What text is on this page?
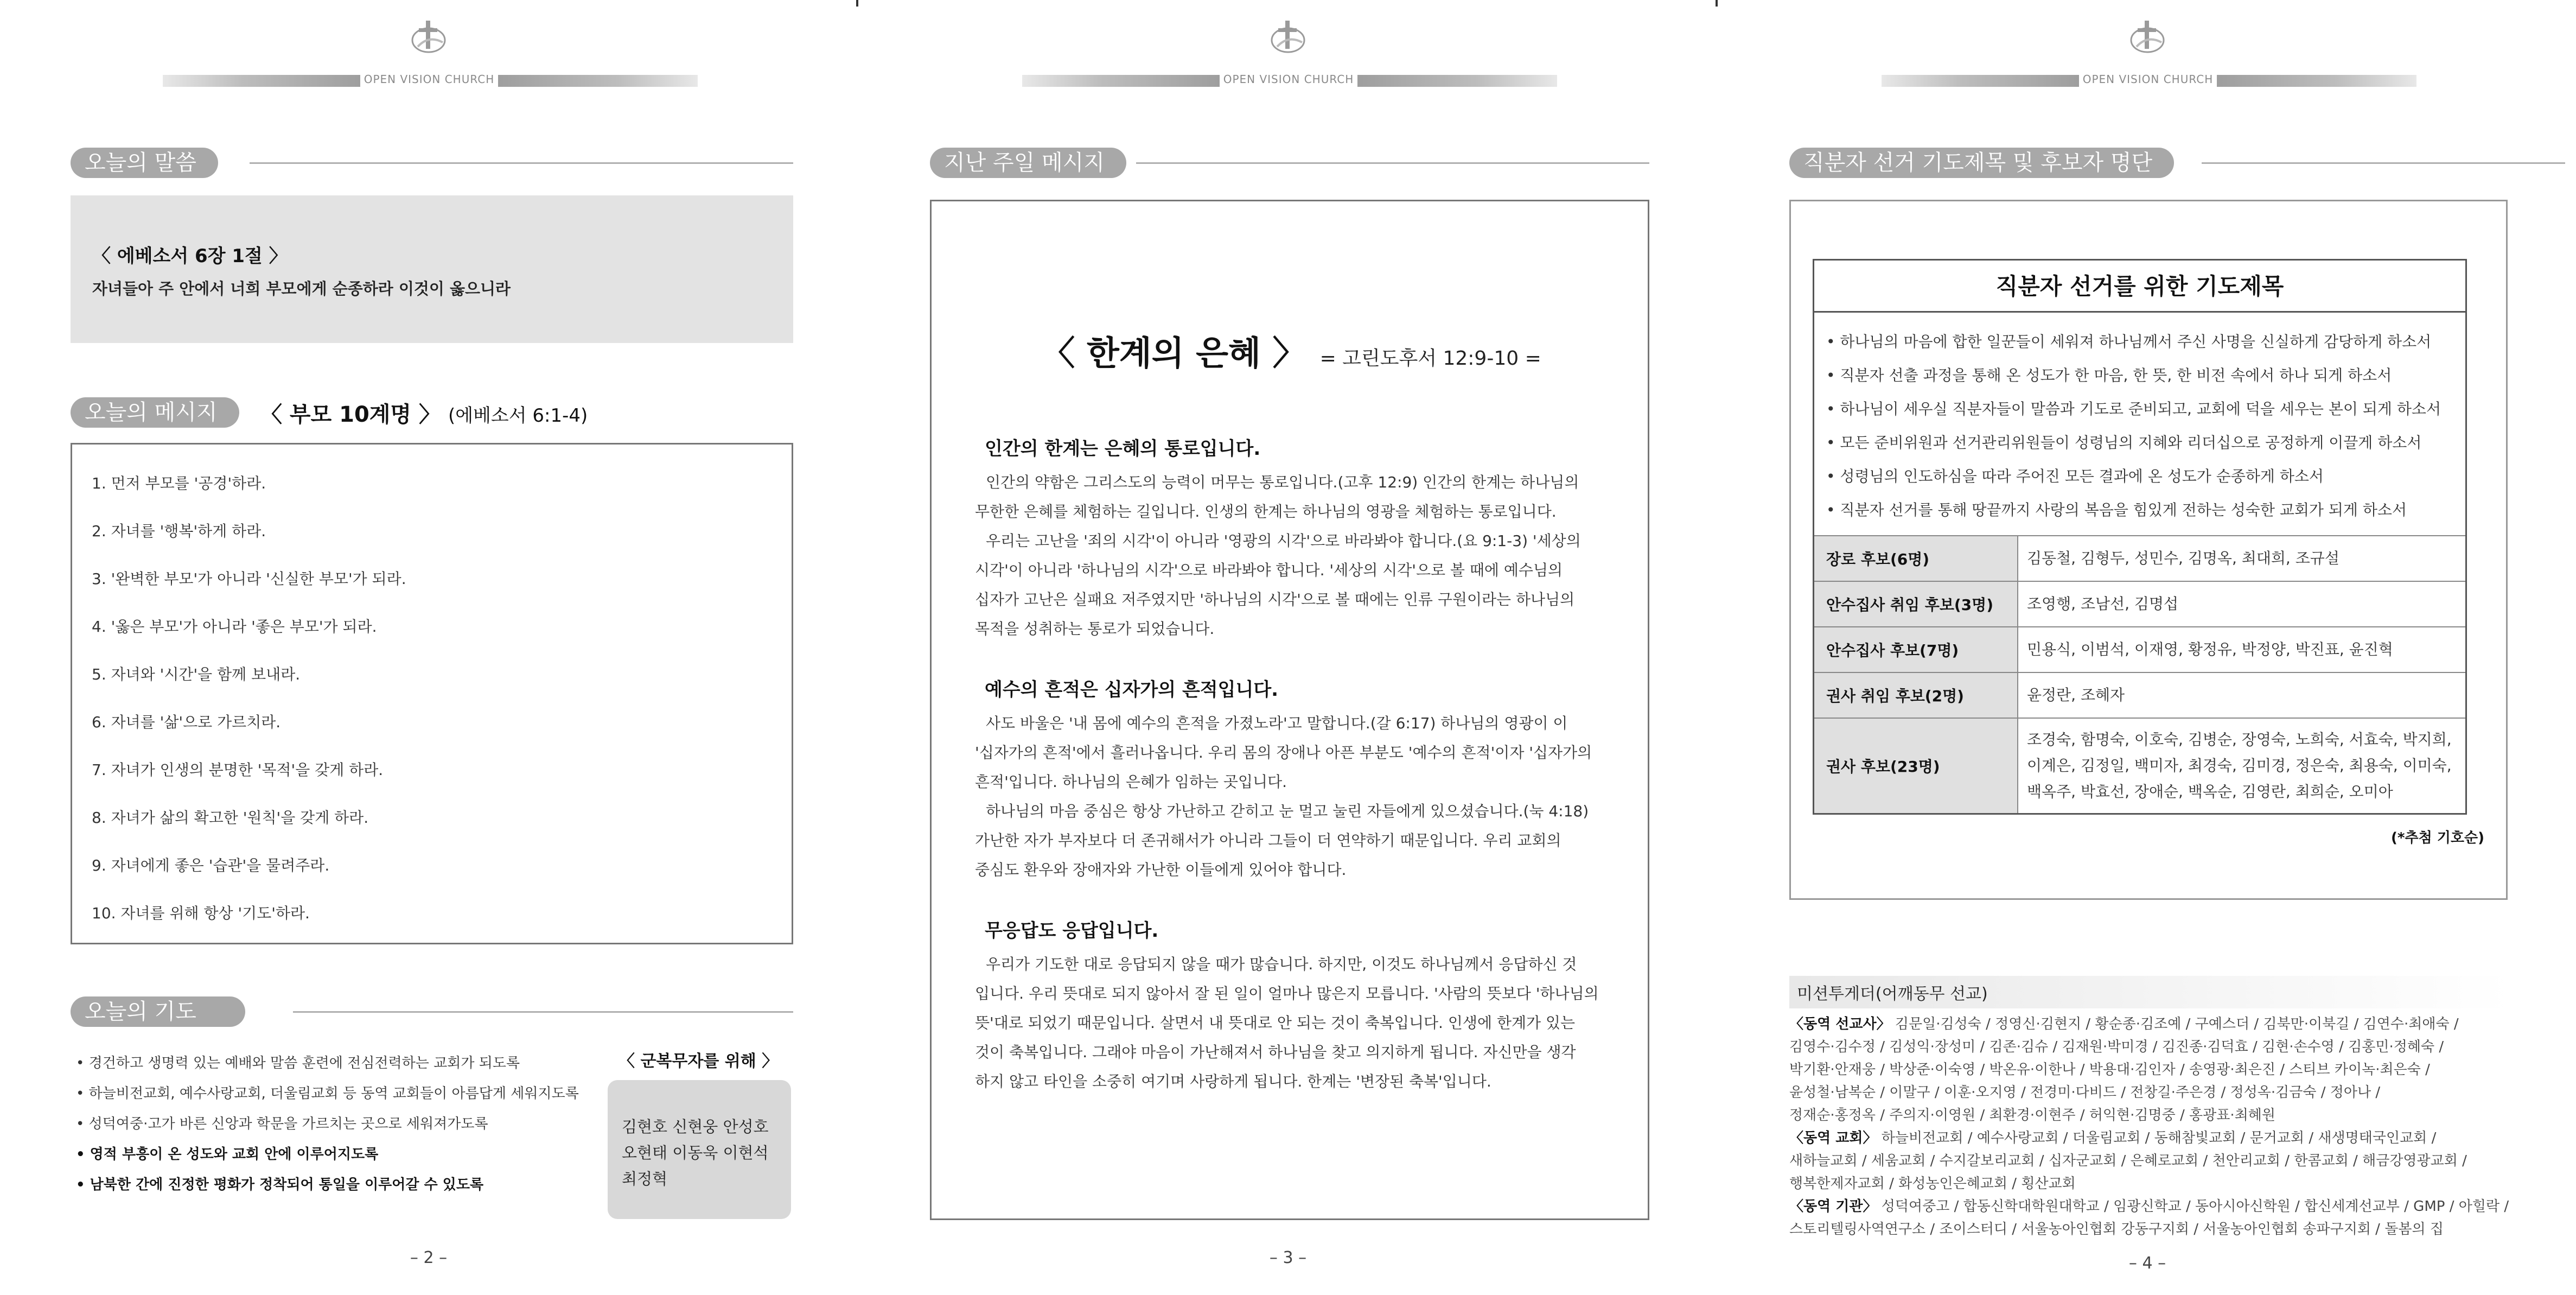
OPEN VISION CHURCH
오늘의 말씀
〈 에베소서 6장 1절 〉
자녀들아 주 안에서 너희 부모에게 순종하라 이것이 옳으니라
오늘의 메시지	〈 부모 10계명 〉 (에베소서 6:1-4)
1. 먼저 부모를 '공경'하라.
2. 자녀를 '행복'하게 하라.
3. '완벽한 부모'가 아니라 '신실한 부모'가 되라.
4. '옳은 부모'가 아니라 '좋은 부모'가 되라.
5. 자녀와 '시간'을 함께 보내라.
6. 자녀를 '삶'으로 가르치라.
7. 자녀가 인생의 분명한 '목적'을 갖게 하라.
8. 자녀가 삶의 확고한 '원칙'을 갖게 하라.
9. 자녀에게 좋은 '습관'을 물려주라.
10. 자녀를 위해 항상 '기도'하라.
오늘의 기도
• 경건하고 생명력 있는 예배와 말씀 훈련에 전심전력하는 교회가 되도록
• 하늘비전교회, 예수사랑교회, 더울림교회 등 동역 교회들이 아름답게 세워지도록
• 성덕여중·고가 바른 신앙과 학문을 가르치는 곳으로 세워져가도록
• 영적 부흥이 온 성도와 교회 안에 이루어지도록
• 남북한 간에 진정한 평화가 정착되어 통일을 이루어갈 수 있도록
〈 군복무자를 위해 〉
김현호 신현웅 안성호 오현태 이동욱 이현석 최정혁
– 2 –
OPEN VISION CHURCH
지난 주일 메시지
〈 한계의 은혜 〉 = 고린도후서 12:9-10 =
인간의 한계는 은혜의 통로입니다.
인간의 약함은 그리스도의 능력이 머무는 통로입니다.(고후 12:9) 인간의 한계는 하나님의
무한한 은혜를 체험하는 길입니다. 인생의 한계는 하나님의 영광을 체험하는 통로입니다.
우리는 고난을 '죄의 시각'이 아니라 '영광의 시각'으로 바라봐야 합니다.(요 9:1-3) '세상의
시각'이 아니라 '하나님의 시각'으로 바라봐야 합니다. '세상의 시각'으로 볼 때에 예수님의
십자가 고난은 실패요 저주였지만 '하나님의 시각'으로 볼 때에는 인류 구원이라는 하나님의
목적을 성취하는 통로가 되었습니다.
예수의 흔적은 십자가의 흔적입니다.
사도 바울은 '내 몸에 예수의 흔적을 가졌노라'고 말합니다.(갈 6:17) 하나님의 영광이 이
'십자가의 흔적'에서 흘러나옵니다. 우리 몸의 장애나 아픈 부분도 '예수의 흔적'이자 '십자가의
흔적'입니다. 하나님의 은혜가 임하는 곳입니다.
하나님의 마음 중심은 항상 가난하고 갇히고 눈 멀고 눌린 자들에게 있으셨습니다.(눅 4:18)
가난한 자가 부자보다 더 존귀해서가 아니라 그들이 더 연약하기 때문입니다. 우리 교회의
중심도 환우와 장애자와 가난한 이들에게 있어야 합니다.
무응답도 응답입니다.
우리가 기도한 대로 응답되지 않을 때가 많습니다. 하지만, 이것도 하나님께서 응답하신 것
입니다. 우리 뜻대로 되지 않아서 잘 된 일이 얼마나 많은지 모릅니다. '사람의 뜻보다 '하나님의
뜻'대로 되었기 때문입니다. 살면서 내 뜻대로 안 되는 것이 축복입니다. 인생에 한계가 있는
것이 축복입니다. 그래야 마음이 가난해져서 하나님을 찾고 의지하게 됩니다. 자신만을 생각
하지 않고 타인을 소중히 여기며 사랑하게 됩니다. 한계는 '변장된 축복'입니다.
– 3 –
OPEN VISION CHURCH
직분자 선거 기도제목 및 후보자 명단
직분자 선거를 위한 기도제목
• 하나님의 마음에 합한 일꾼들이 세워져 하나님께서 주신 사명을 신실하게 감당하게 하소서
• 직분자 선출 과정을 통해 온 성도가 한 마음, 한 뜻, 한 비전 속에서 하나 되게 하소서
• 하나님이 세우실 직분자들이 말씀과 기도로 준비되고, 교회에 덕을 세우는 본이 되게 하소서
• 모든 준비위원과 선거관리위원들이 성령님의 지혜와 리더십으로 공정하게 이끌게 하소서
• 성령님의 인도하심을 따라 주어진 모든 결과에 온 성도가 순종하게 하소서
• 직분자 선거를 통해 땅끝까지 사랑의 복음을 힘있게 전하는 성숙한 교회가 되게 하소서
장로 후보(6명)	김동철, 김형두, 성민수, 김명옥, 최대희, 조규설
안수집사 취임 후보(3명)	조영행, 조남선, 김명섭
안수집사 후보(7명)	민용식, 이범석, 이재영, 황정유, 박정양, 박진표, 윤진혁
권사 취임 후보(2명)	윤정란, 조혜자
권사 후보(23명)
조경숙, 함명숙, 이호숙, 김병순, 장영숙, 노희숙, 서효숙, 박지희,
이계은, 김정일, 백미자, 최경숙, 김미경, 정은숙, 최용숙, 이미숙,
백옥주, 박효선, 장애순, 백옥순, 김영란, 최희순, 오미아
(*추첨 기호순)
미션투게더(어깨동무 선교)
〈동역 선교사〉 김문일·김성숙 / 정영신·김현지 / 황순종·김조예 / 구예스더 / 김북만·이북길 / 김연수·최애숙 /
김영수·김수정 / 김성익·장성미 / 김존·김슈 / 김재원·박미경 / 김진종·김덕효 / 김현·손수영 / 김홍민·정혜숙 /
박기환·안재웅 / 박상준·이숙영 / 박온유·이한나 / 박용대·김인자 / 송영광·최은진 / 스티브 카이녹·최은숙 /
윤성철·남복순 / 이말구 / 이훈·오지영 / 전경미·다비드 / 전창길·주은경 / 정성옥·김금숙 / 정아나 /
정재순·홍정옥 / 주의지·이영원 / 최환경·이현주 / 허익현·김명중 / 홍광표·최혜원
〈동역 교회〉 하늘비전교회 / 예수사랑교회 / 더울림교회 / 동해참빛교회 / 문거교회 / 새생명태국인교회 /
새하늘교회 / 세움교회 / 수지갈보리교회 / 십자군교회 / 은혜로교회 / 천안리교회 / 한콤교회 / 해금강영광교회 /
행복한제자교회 / 화성농인은혜교회 / 횡산교회
〈동역 기관〉 성덕여중고 / 합동신학대학원대학교 / 임광신학교 / 동아시아신학원 / 합신세계선교부 / GMP / 아힐락 /
스토리텔링사역연구소 / 조이스터디 / 서울농아인협회 강동구지회 / 서울농아인협회 송파구지회 / 돌봄의 집
– 4 –
